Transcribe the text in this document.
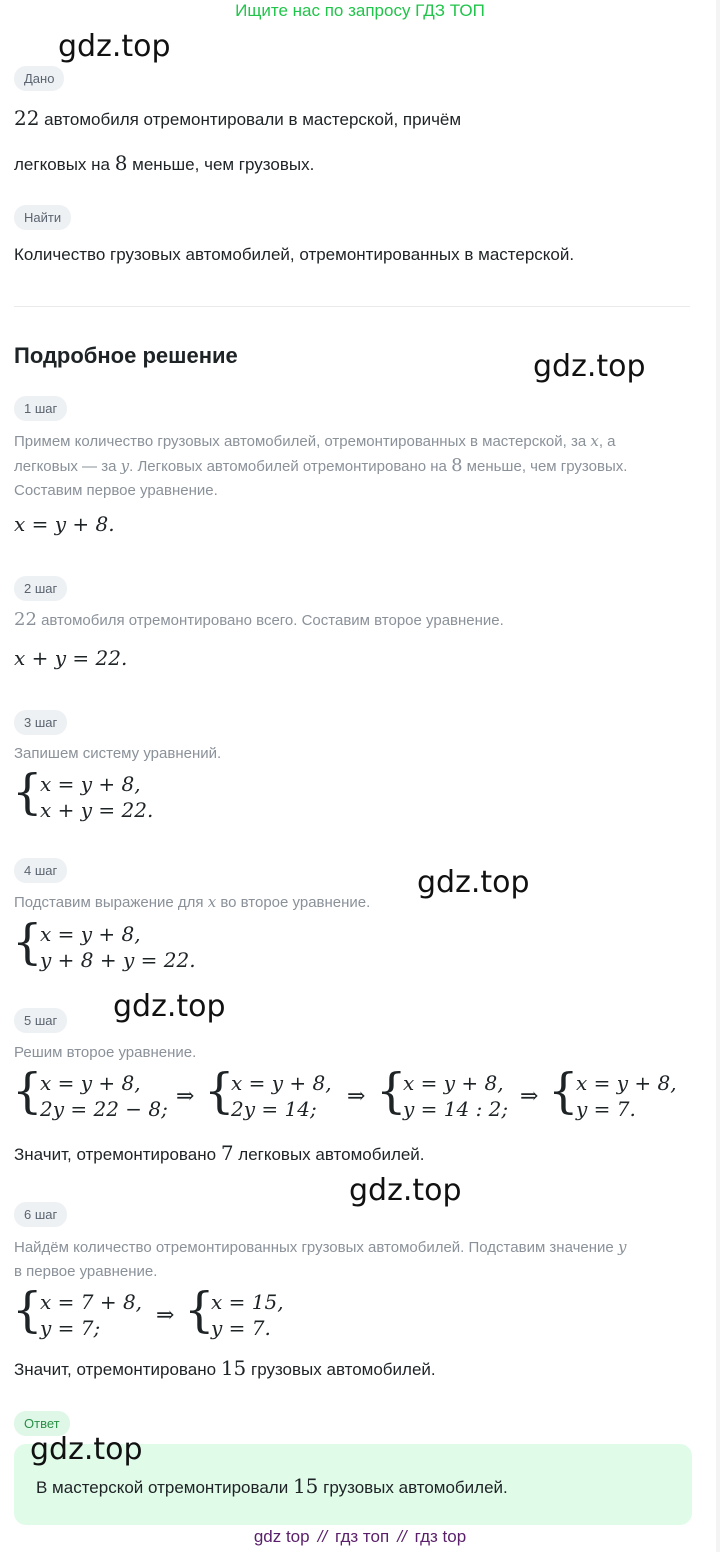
Ищите нас по запросу ГДЗ ТОП
gdz.top
gdz.top
gdz.top
gdz.top
gdz.top
Дано
22 автомобиля отремонтировали в мастерской, причём
легковых на 8 меньше, чем грузовых.
Найти
Количество грузовых автомобилей, отремонтированных в мастерской.
Подробное решение
1 шаг
Примем количество грузовых автомобилей, отремонтированных в мастерской, за x, а
легковых — за y. Легковых автомобилей отремонтировано на 8 меньше, чем грузовых.
Составим первое уравнение.
x = y + 8.
2 шаг
22 автомобиля отремонтировано всего. Составим второе уравнение.
x + y = 22.
3 шаг
Запишем систему уравнений.
{
x = y + 8,
x + y = 22.
4 шаг
Подставим выражение для x во второе уравнение.
{
x = y + 8,
y + 8 + y = 22.
5 шаг
Решим второе уравнение.
{
x = y + 8,
2y = 22 − 8; ⇒ {
x = y + 8,
2y = 14; ⇒ {
x = y + 8,
y = 14 : 2; ⇒ {
x = y + 8,
y = 7.
Значит, отремонтировано 7 легковых автомобилей.
6 шаг
Найдём количество отремонтированных грузовых автомобилей. Подставим значение y
в первое уравнение.
{
x = 7 + 8,
y = 7;	⇒ {
x = 15,
y = 7.
Значит, отремонтировано 15 грузовых автомобилей.
Ответ
В мастерской отремонтировали 15 грузовых автомобилей.
gdz.top
gdz top // гдз топ // гдз top
